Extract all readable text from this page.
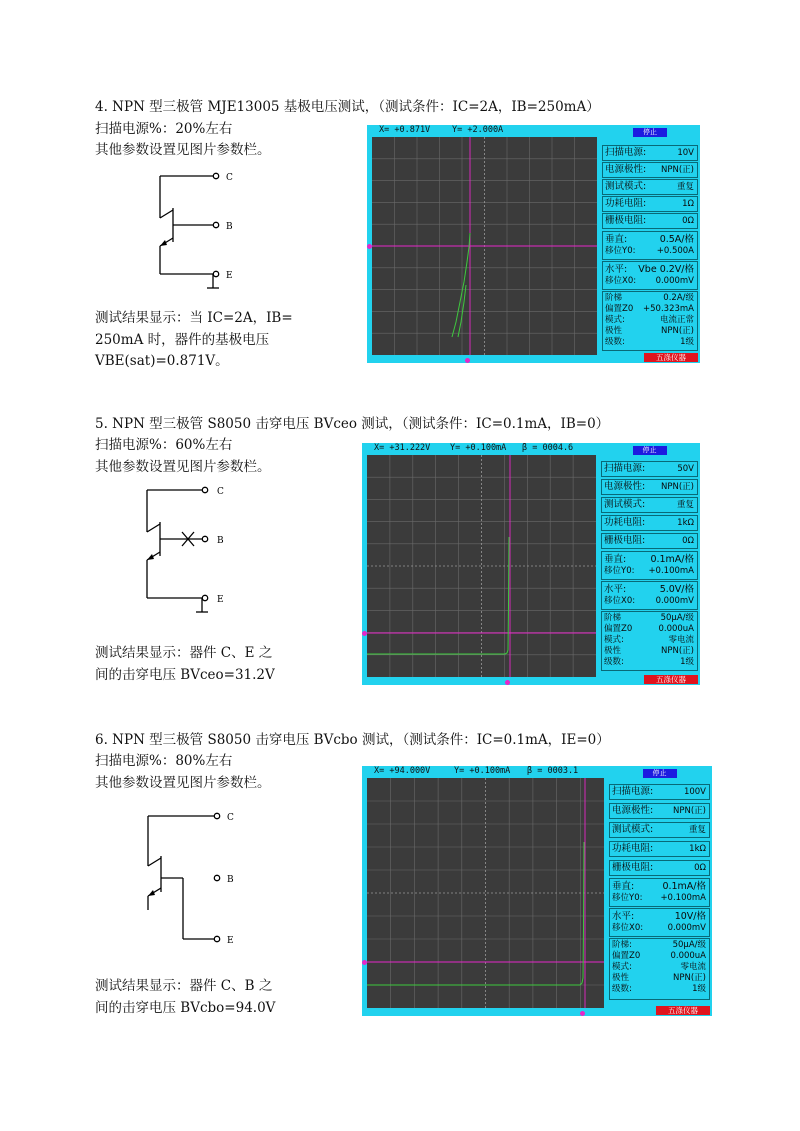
4. NPN 型三极管 MJE13005 基极电压测试，（测试条件：IC=2A，IB=250mA）
扫描电源%：20%左右
其他参数设置见图片参数栏。
C
B
E
测试结果显示：当 IC=2A，IB=
250mA 时，器件的基极电压
VBE(sat)=0.871V。
X= +0.871V	Y= +2.000A	停止
扫描电源:	10V
电源极性: NPN(正)
测试模式:	重复
功耗电阻:	1Ω
栅极电阻:	0Ω
垂直:	0.5A/格
移位Y0:	+0.500A
水平: Vbe 0.2V/格
移位X0: 0.000mV
阶梯	0.2A/级
偏置Z0 +50.323mA
模式:	电流正常
极性	NPN(正)
级数:	1级
五涤仪器
5. NPN 型三极管 S8050 击穿电压 BVceo 测试，（测试条件：IC=0.1mA，IB=0）
扫描电源%：60%左右
其他参数设置见图片参数栏。
C
B
E
测试结果显示：器件 C、E 之
间的击穿电压 BVceo=31.2V
X= +31.222V Y= +0.100mA β = 0004.6	停止
扫描电源:	50V
电源极性: NPN(正)
测试模式:	重复
功耗电阻:	1kΩ
栅极电阻:	0Ω
垂直:	0.1mA/格
移位Y0: +0.100mA
水平:	5.0V/格
移位X0: 0.000mV
阶梯	50μA/级
偏置Z0	0.000uA
模式:	零电流
极性	NPN(正)
级数:	1级
五涤仪器
6. NPN 型三极管 S8050 击穿电压 BVcbo 测试，（测试条件：IC=0.1mA，IE=0）
扫描电源%：80%左右
其他参数设置见图片参数栏。
C
B
E
测试结果显示：器件 C、B 之
间的击穿电压 BVcbo=94.0V
X= +94.000V	Y= +0.100mA β = 0003.1	停止
扫描电源:	100V
电源极性: NPN(正)
测试模式:	重复
功耗电阻:	1kΩ
栅极电阻:	0Ω
垂直:	0.1mA/格
移位Y0: +0.100mA
水平:	10V/格
移位X0:	0.000mV
阶梯:	50μA/级
偏置Z0	0.000uA
模式:	零电流
极性	NPN(正)
级数:	1级
五涤仪器
